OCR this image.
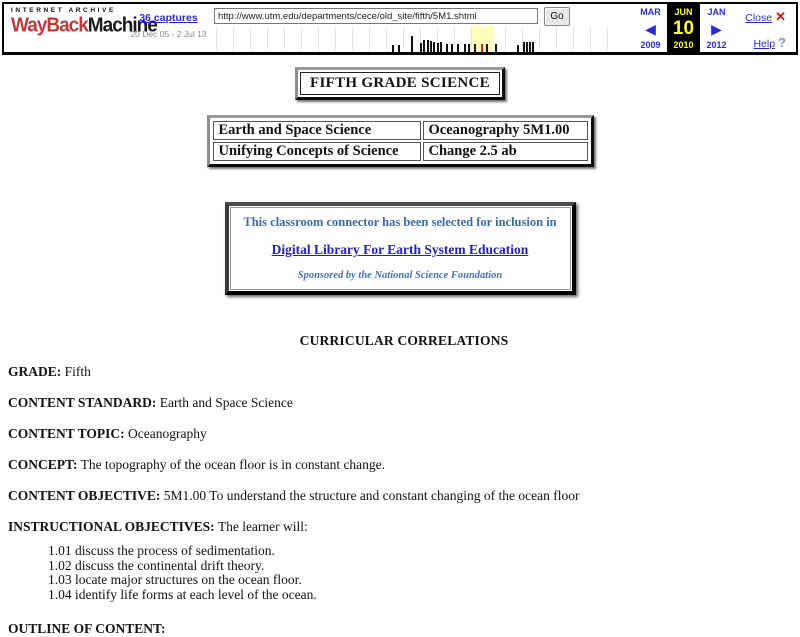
INTERNET ARCHIVE
WayBackMachine
36 captures
20 Dec 05 - 2 Jul 13
http://www.utm.edu/departments/cece/old_site/fifth/5M1.shtml
Go	MAR
◀
2009
JUN
10
2010
JAN
▶
2012
Close ✕
Help ?
FIFTH GRADE SCIENCE
Earth and Space Science	Oceanography 5M1.00
Unifying Concepts of Science	Change 2.5 ab
This classroom connector has been selected for inclusion in
Digital Library For Earth System Education
Sponsored by the National Science Foundation
CURRICULAR CORRELATIONS

GRADE: Fifth

CONTENT STANDARD: Earth and Space Science

CONTENT TOPIC: Oceanography

CONCEPT: The topography of the ocean floor is in constant change.

CONTENT OBJECTIVE: 5M1.00 To understand the structure and constant changing of the ocean floor

INSTRUCTIONAL OBJECTIVES: The learner will:

1.01 discuss the process of sedimentation.
1.02 discuss the continental drift theory.
1.03 locate major structures on the ocean floor.
1.04 identify life forms at each level of the ocean.

OUTLINE OF CONTENT:
